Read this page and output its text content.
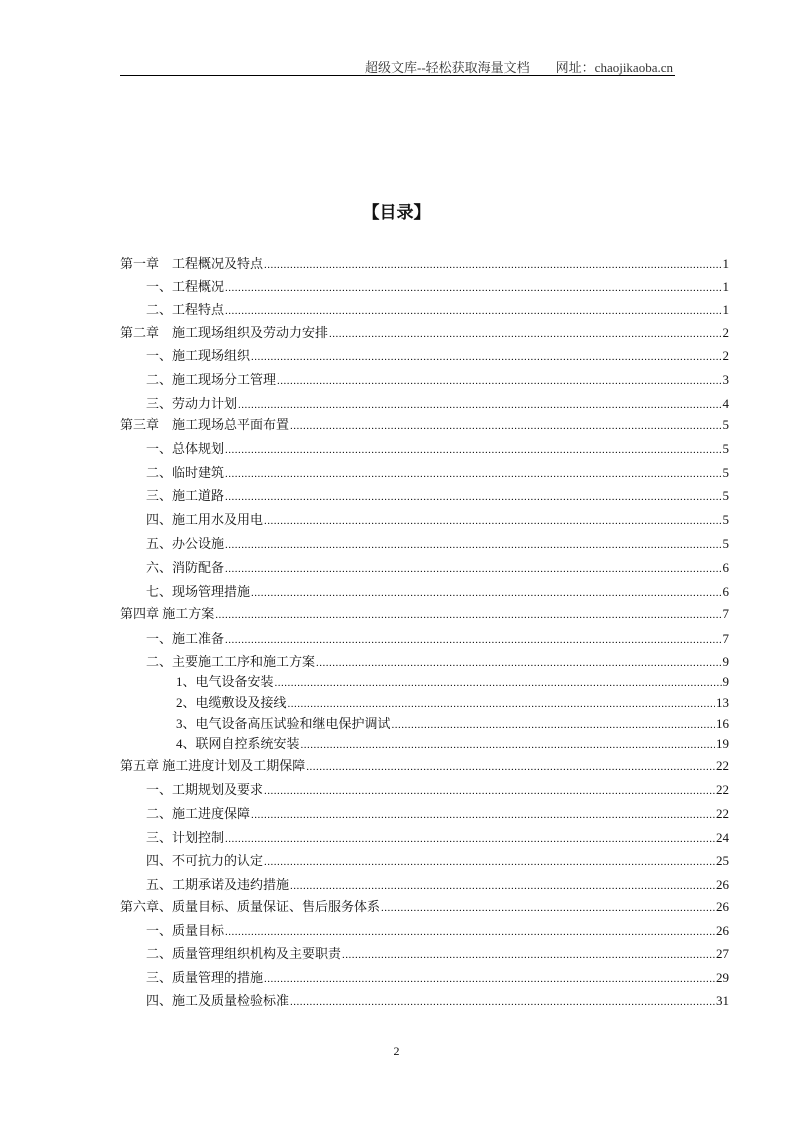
超级文库--轻松获取海量文档 网址：chaojikaoba.cn
【目录】
第一章　工程概况及特点 .....	1
一、工程概况 .....	1
二、工程特点 .....	1
第二章　施工现场组织及劳动力安排 .....	2
一、施工现场组织 .....	2
二、施工现场分工管理 .....	3
三、劳动力计划 .....	4
第三章　施工现场总平面布置 .....	5
一、总体规划 .....	5
二、临时建筑 .....	5
三、施工道路 .....	5
四、施工用水及用电 .....	5
五、办公设施 .....	5
六、消防配备 .....	6
七、现场管理措施 .....	6
第四章 施工方案 .....	7
一、施工准备 .....	7
二、主要施工工序和施工方案 .....	9
1、电气设备安装 .....	9
2、电缆敷设及接线 .....	13
3、电气设备高压试验和继电保护调试 .....	16
4、联网自控系统安装 .....	19
第五章 施工进度计划及工期保障 .....	22
一、工期规划及要求 .....	22
二、施工进度保障 .....	22
三、计划控制 .....	24
四、不可抗力的认定 .....	25
五、工期承诺及违约措施 .....	26
第六章、质量目标、质量保证、售后服务体系 .....	26
一、质量目标 .....	26
二、质量管理组织机构及主要职责 .....	27
三、质量管理的措施 .....	29
四、施工及质量检验标准 .....	31
2
